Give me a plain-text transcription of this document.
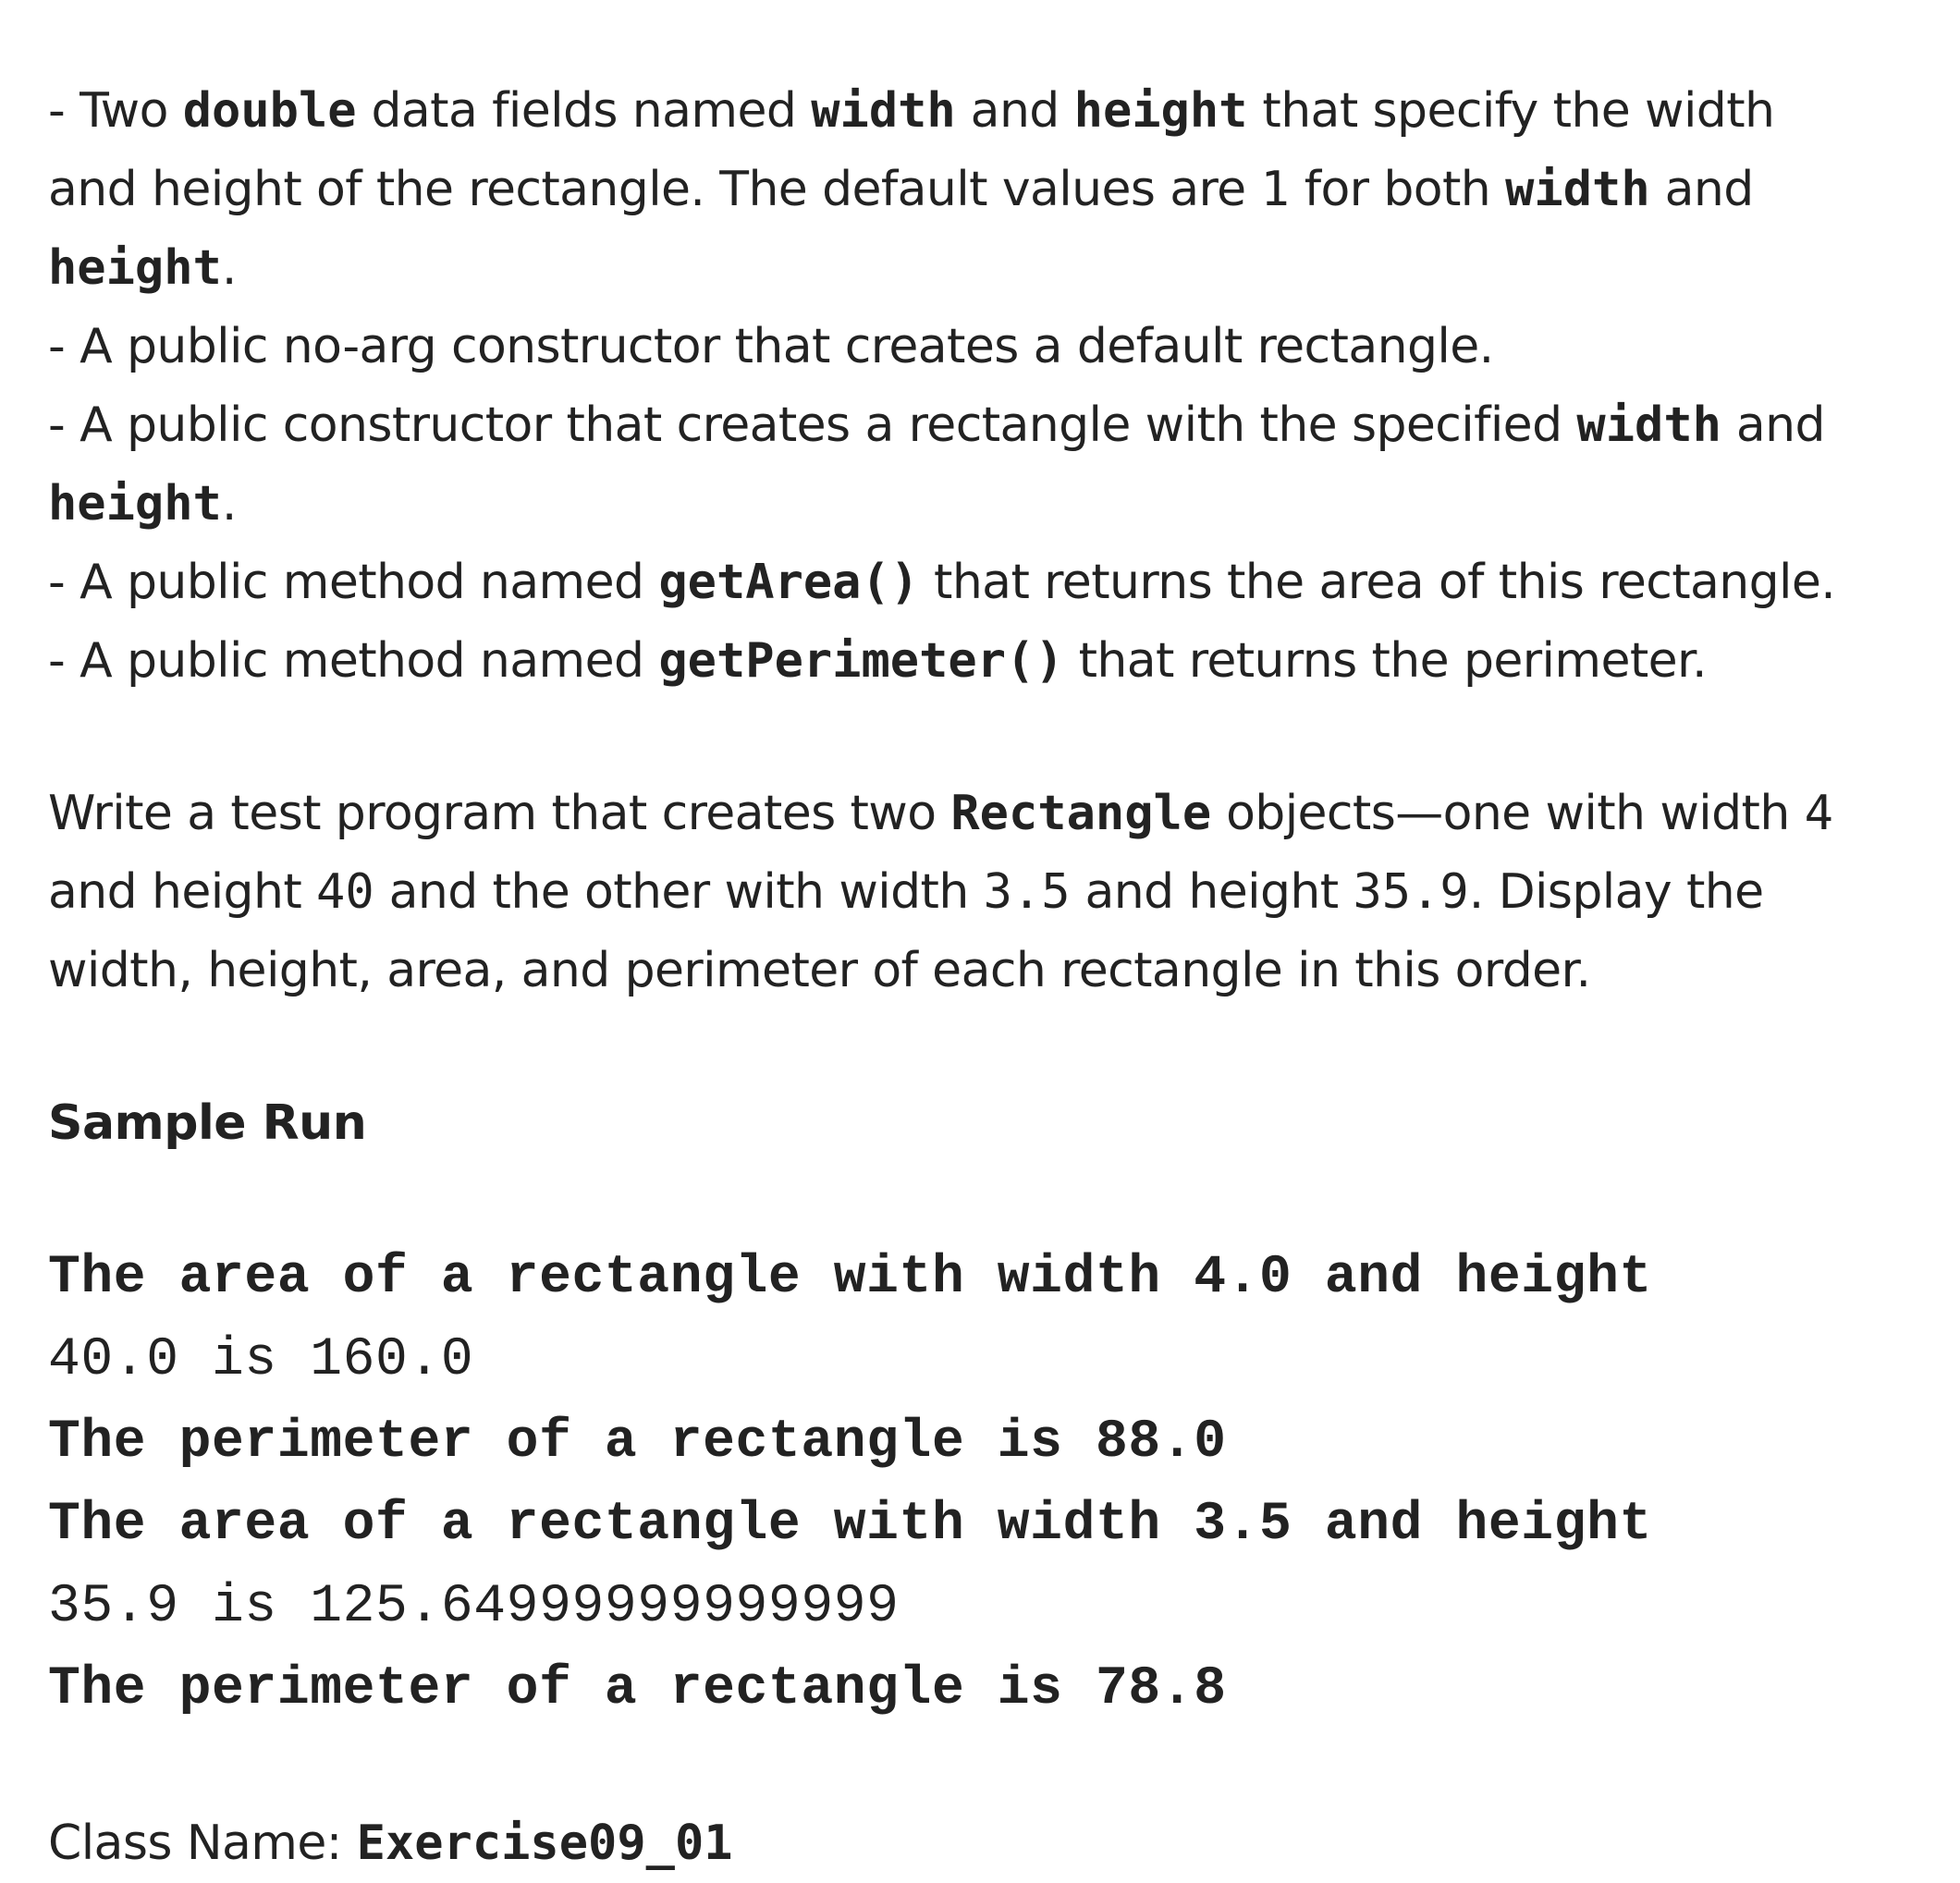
- Two double data fields named width and height that specify the width
and height of the rectangle. The default values are 1 for both width and
height.
- A public no-arg constructor that creates a default rectangle.
- A public constructor that creates a rectangle with the specified width and
height.
- A public method named getArea() that returns the area of this rectangle.
- A public method named getPerimeter() that returns the perimeter.
Write a test program that creates two Rectangle objects—one with width 4
and height 40 and the other with width 3.5 and height 35.9. Display the
width, height, area, and perimeter of each rectangle in this order.
Sample Run
The area of a rectangle with width 4.0 and height
40.0 is 160.0
The perimeter of a rectangle is 88.0
The area of a rectangle with width 3.5 and height
35.9 is 125.64999999999999
The perimeter of a rectangle is 78.8
Class Name: Exercise09_01
